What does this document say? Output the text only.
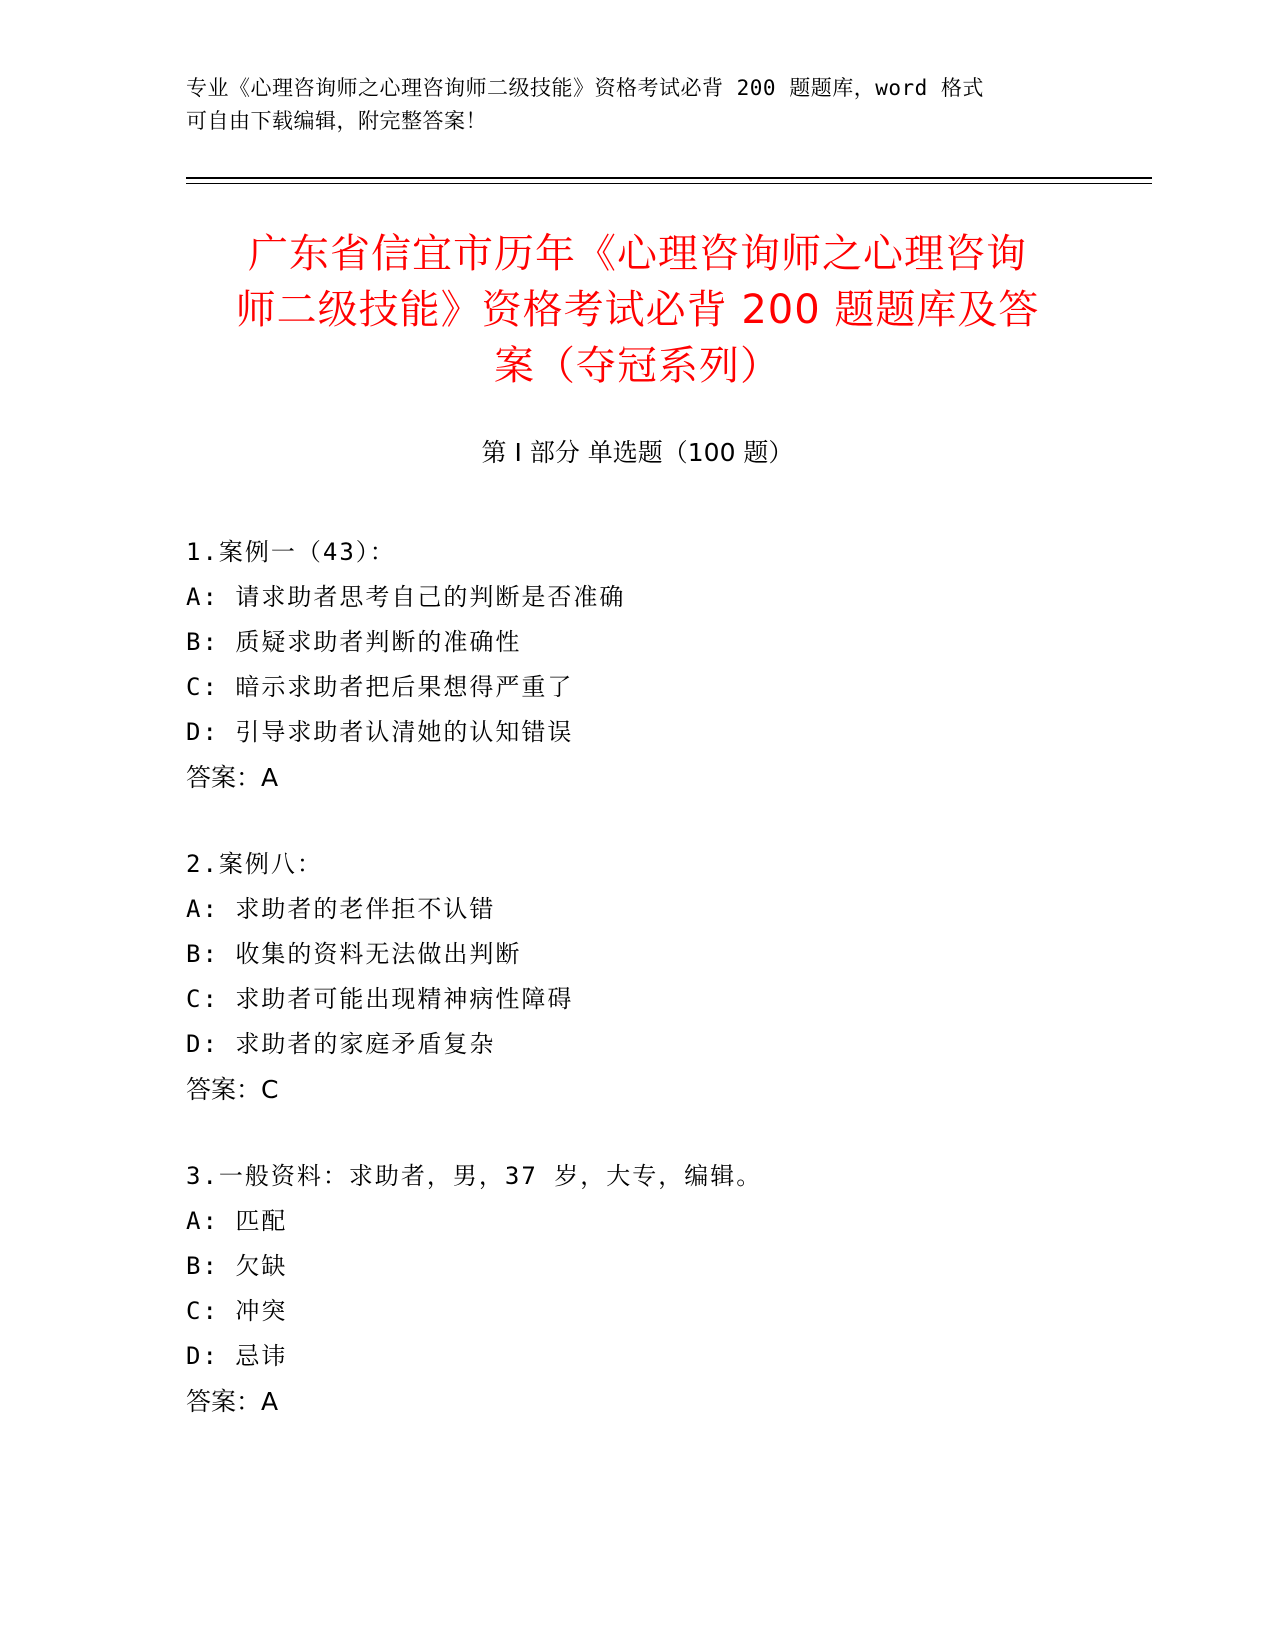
专业《心理咨询师之心理咨询师二级技能》资格考试必背 200 题题库，word 格式
可自由下载编辑，附完整答案！
广东省信宜市历年《心理咨询师之心理咨询
师二级技能》资格考试必背 200 题题库及答
案（夺冠系列）
第 I 部分 单选题（100 题）
1.案例一（43）：
A: 请求助者思考自己的判断是否准确
B: 质疑求助者判断的准确性
C: 暗示求助者把后果想得严重了
D: 引导求助者认清她的认知错误
答案：A
2.案例八：
A: 求助者的老伴拒不认错
B: 收集的资料无法做出判断
C: 求助者可能出现精神病性障碍
D: 求助者的家庭矛盾复杂
答案：C
3.一般资料：求助者，男，37 岁，大专，编辑。
A: 匹配
B: 欠缺
C: 冲突
D: 忌讳
答案：A
